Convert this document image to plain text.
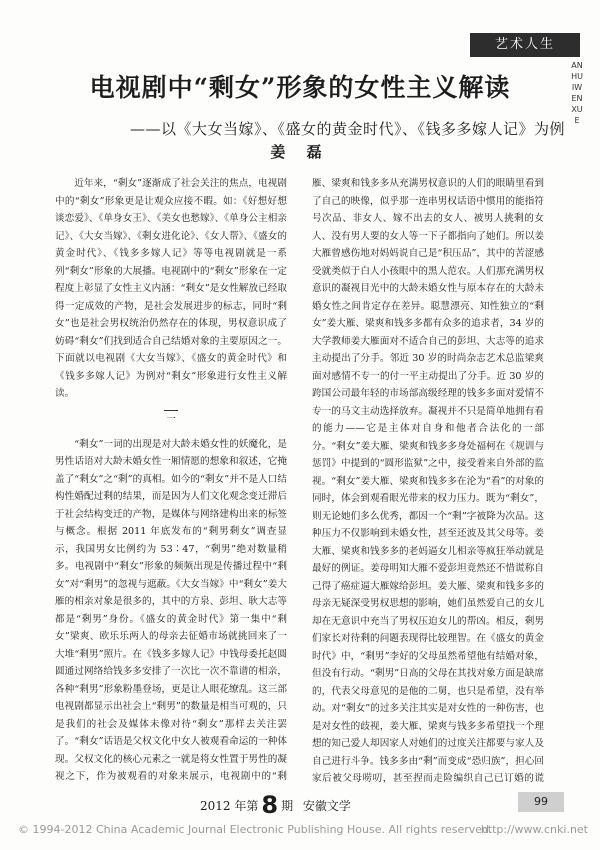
艺术人生
ANHUIWENXUE
电视剧中“剩女”形象的女性主义解读

——以《大女当嫁》、《盛女的黄金时代》、《钱多多嫁人记》为例

姜 磊

近年来，“剩女”逐渐成了社会关注的焦点，电视剧中的“剩女”形象更是让观众应接不暇。如：《好想好想谈恋爱》、《单身女王》、《美女也愁嫁》、《单身公主相亲记》、《大女当嫁》、《剩女进化论》、《女人帮》、《盛女的黄金时代》、《钱多多嫁人记》等等电视剧就是一系列“剩女”形象的大展播。电视剧中的“剩女”形象在一定程度上彰显了女性主义内涵：“剩女”是女性解放已经取得一定成效的产物，是社会发展进步的标志，同时“剩女”也是社会男权统治仍然存在的体现，男权意识成了妨碍“剩女”们找到适合自己结婚对象的主要原因之一。下面就以电视剧《大女当嫁》、《盛女的黄金时代》和《钱多多嫁人记》为例对“剩女”形象进行女性主义解读。

一

“剩女”一词的出现是对大龄未婚女性的妖魔化，是男性话语对大龄未婚女性一厢情愿的想象和叙述，它掩盖了“剩女”之“剩”的真相。如今的“剩女”并不是人口结构性婚配过剩的结果，而是因为人们文化观念变迁滞后于社会结构变迁的产物，是媒体与网络建构出来的标签与概念。根据 2011 年底发布的“剩男剩女”调查显示，我国男女比例约为 53∶47，“剩男”绝对数量稍多。电视剧中“剩女”形象的频频出现是传播过程中“剩女”对“剩男”的忽视与遮蔽。《大女当嫁》中“剩女”姜大雁的相亲对象是很多的，其中的方泉、彭坦、耿大志等都是“剩男”身份。《盛女的黄金时代》第一集中“剩女”梁爽、欧乐乐两人的母亲去征婚市场就挑回来了一大堆“剩男”照片。在《钱多多嫁人记》中钱母委托赵圆圆通过网络给钱多多安排了一次比一次不靠谱的相亲，各种“剩男”形象粉墨登场，更是让人眼花缭乱。这三部电视剧都显示出社会上“剩男”的数量是相当可观的，只是我们的社会及媒体未像对待“剩女”那样去关注罢了。“剩女”话语是父权文化中女人被观看命运的一种体现。父权文化的核心元素之一就是将女性置于男性的凝视之下，作为被观看的对象来展示，电视剧中的“剩

雁、梁爽和钱多多从充满男权意识的人们的眼睛里看到了自己的映像，似乎那一连串男权话语中惯用的能指符号次品、非女人、嫁不出去的女人、被男人挑剩的女人、没有男人要的女人等一下子都指向了她们。所以姜大雁曾感伤地对妈妈说自己是“积压品”，其中的苦涩感受就类似于白人小孩眼中的黑人范农。人们那充满男权意识的凝视目光中的大龄未婚女性与原本存在的大龄未婚女性之间肯定存在差异。聪慧漂亮、知性独立的“剩女”姜大雁、梁爽和钱多多都有众多的追求者，34 岁的大学教师姜大雁面对不适合自己的彭坦、大志等的追求主动提出了分手。邻近 30 岁的时尚杂志艺术总监梁爽面对感情不专一的付一平主动提出了分手。近 30 岁的跨国公司最年轻的市场部高级经理的钱多多面对爱情不专一的马文主动选择放弃。凝视并不只是简单地拥有看的能力——它是主体对自身和他者合法化的一部分。“剩女”姜大雁、梁爽和钱多多身处福柯在《规训与惩罚》中提到的“圆形监狱”之中，接受着来自外部的监视。“剩女”姜大雁、梁爽和钱多多在沦为“看”的对象的同时，体会到观看眼光带来的权力压力。既为“剩女”，则无论她们多么优秀，都因一个“剩”字被降为次品。这种压力不仅影响到未婚女性，甚至还波及其父母等。姜大雁、梁爽和钱多多的老妈逼女儿相亲等疯狂举动就是最好的例证。姜母明知大雁不爱彭坦竟然还不惜谎称自己得了癌症逼大雁嫁给彭坦。姜大雁、梁爽和钱多多的母亲无疑深受男权思想的影响，她们虽然爱自己的女儿却在无意识中充当了男权压迫女儿的帮凶。相反，剩男们家长对待剩的问题表现得比较理智。在《盛女的黄金时代》中，“剩男”李好的父母虽然希望他有结婚对象，但没有行动。“剩男”日高的父母在其找对象方面是缺席的，代表父母意见的是他的二舅，也只是希望，没有举动。对“剩女”的过多关注其实是对女性的一种伤害，也是对女性的歧视，姜大雁、梁爽与钱多多希望找一个理想的知己爱人却因家人对她们的过度关注都要与家人及自己进行斗争。钱多多由“剩”而变成“恐归族”，担心回家后被父母唠叨，甚至捏而走险编织自己已订婚的谎

2012 年第 8 期 安徽文学	99
© 1994-2012 China Academic Journal Electronic Publishing House. All rights reserved.
http://www.cnki.net
